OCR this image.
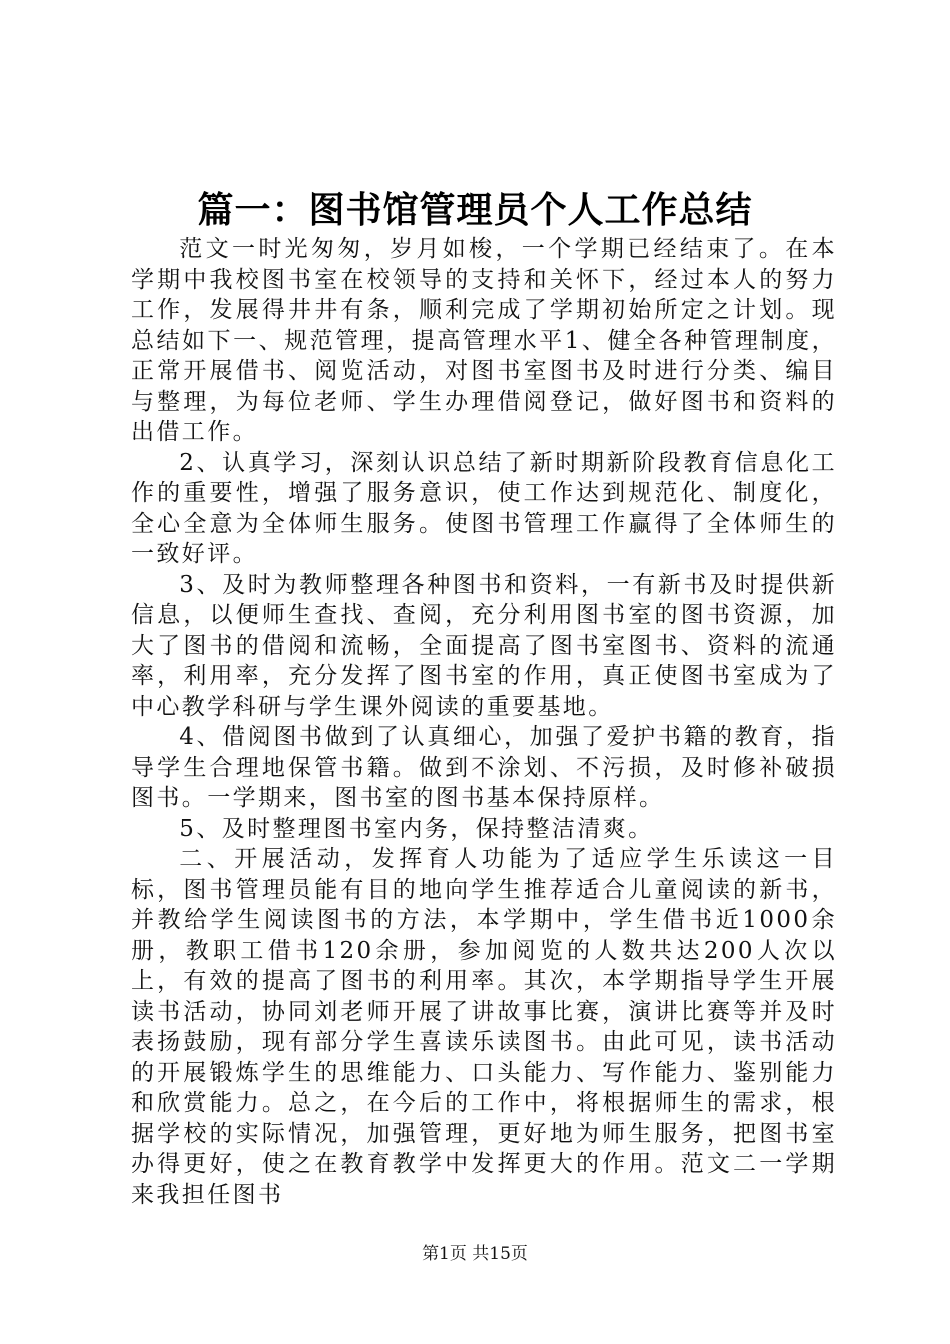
篇一：图书馆管理员个人工作总结

范文一时光匆匆，岁月如梭，一个学期已经结束了。在本学期中我校图书室在校领导的支持和关怀下，经过本人的努力工作，发展得井井有条，顺利完成了学期初始所定之计划。现总结如下一、规范管理，提高管理水平1、健全各种管理制度，正常开展借书、阅览活动，对图书室图书及时进行分类、编目与整理，为每位老师、学生办理借阅登记，做好图书和资料的出借工作。

2、认真学习，深刻认识总结了新时期新阶段教育信息化工作的重要性，增强了服务意识，使工作达到规范化、制度化，全心全意为全体师生服务。使图书管理工作赢得了全体师生的一致好评。

3、及时为教师整理各种图书和资料，一有新书及时提供新信息，以便师生查找、查阅，充分利用图书室的图书资源，加大了图书的借阅和流畅，全面提高了图书室图书、资料的流通率，利用率，充分发挥了图书室的作用，真正使图书室成为了中心教学科研与学生课外阅读的重要基地。

4、借阅图书做到了认真细心，加强了爱护书籍的教育，指导学生合理地保管书籍。做到不涂划、不污损，及时修补破损图书。一学期来，图书室的图书基本保持原样。

5、及时整理图书室内务，保持整洁清爽。

二、开展活动，发挥育人功能为了适应学生乐读这一目标，图书管理员能有目的地向学生推荐适合儿童阅读的新书，并教给学生阅读图书的方法，本学期中，学生借书近1000余册，教职工借书120余册，参加阅览的人数共达200人次以上，有效的提高了图书的利用率。其次，本学期指导学生开展读书活动，协同刘老师开展了讲故事比赛，演讲比赛等并及时表扬鼓励，现有部分学生喜读乐读图书。由此可见，读书活动的开展锻炼学生的思维能力、口头能力、写作能力、鉴别能力和欣赏能力。总之，在今后的工作中，将根据师生的需求，根据学校的实际情况，加强管理，更好地为师生服务，把图书室办得更好，使之在教育教学中发挥更大的作用。范文二一学期来我担任图书

第1页 共15页
